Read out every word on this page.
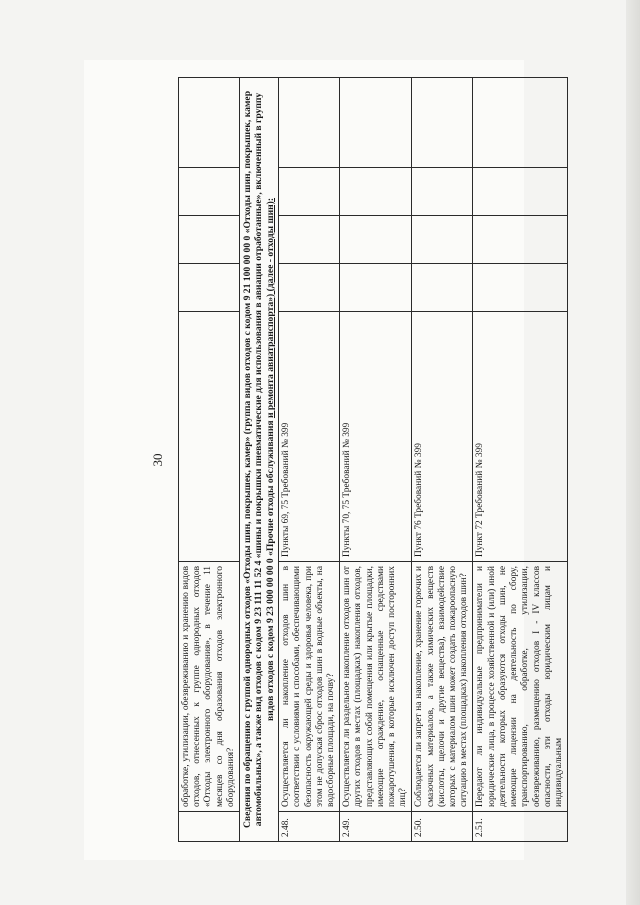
30
	обработке, утилизации, обезвреживанию и хранению видов отходов, отнесенных к группе однородных отходов «Отходы электронного оборудования», в течение 11 месяцев со дня образования отходов электронного оборудования?					
Сведения по обращению с группой однородных отходов «Отходы шин, покрышек, камер» (группа видов отходов с кодом 9 21 100 00 00 0 «Отходы шин, покрышек, камер автомобильных», а также вид отходов с кодом 9 23 111 11 52 4 «шины и покрышки пневматические для использования в авиации отработанные», включенный в группу видов отходов с кодом 9 23 000 00 00 0 «Прочие отходы обслуживания и ремонта авиатранспорта») (далее - отходы шин):						
2.48.	Осуществляется ли накопление отходов шин в соответствии с условиями и способами, обеспечивающими безопасность окружающей среды и здоровья человека, при этом не допуская сброс отходов шин в водные объекты, на водосборные площади, на почву?	Пункты 69, 75 Требований № 399				
2.49.	Осуществляется ли раздельное накопление отходов шин от других отходов в местах (площадках) накопления отходов, представляющих собой помещения или крытые площадки, имеющие ограждение, оснащенные средствами пожаротушения, в которые исключен доступ посторонних лиц?	Пункты 70, 75 Требований № 399				
2.50.	Соблюдается ли запрет на накопление, хранение горючих и смазочных материалов, а также химических веществ (кислоты, щелочи и другие вещества), взаимодействие которых с материалом шин может создать пожароопасную ситуацию в местах (площадках) накопления отходов шин?	Пункт 76 Требований № 399				
2.51.	Передают ли индивидуальные предприниматели и юридические лица, в процессе хозяйственной и (или) иной деятельности которых образуются отходы шин, не имеющие лицензии на деятельность по сбору, транспортированию, обработке, утилизации, обезвреживанию, размещению отходов I - IV классов опасности, эти отходы юридическим лицам и индивидуальным	Пункт 72 Требований № 399				
